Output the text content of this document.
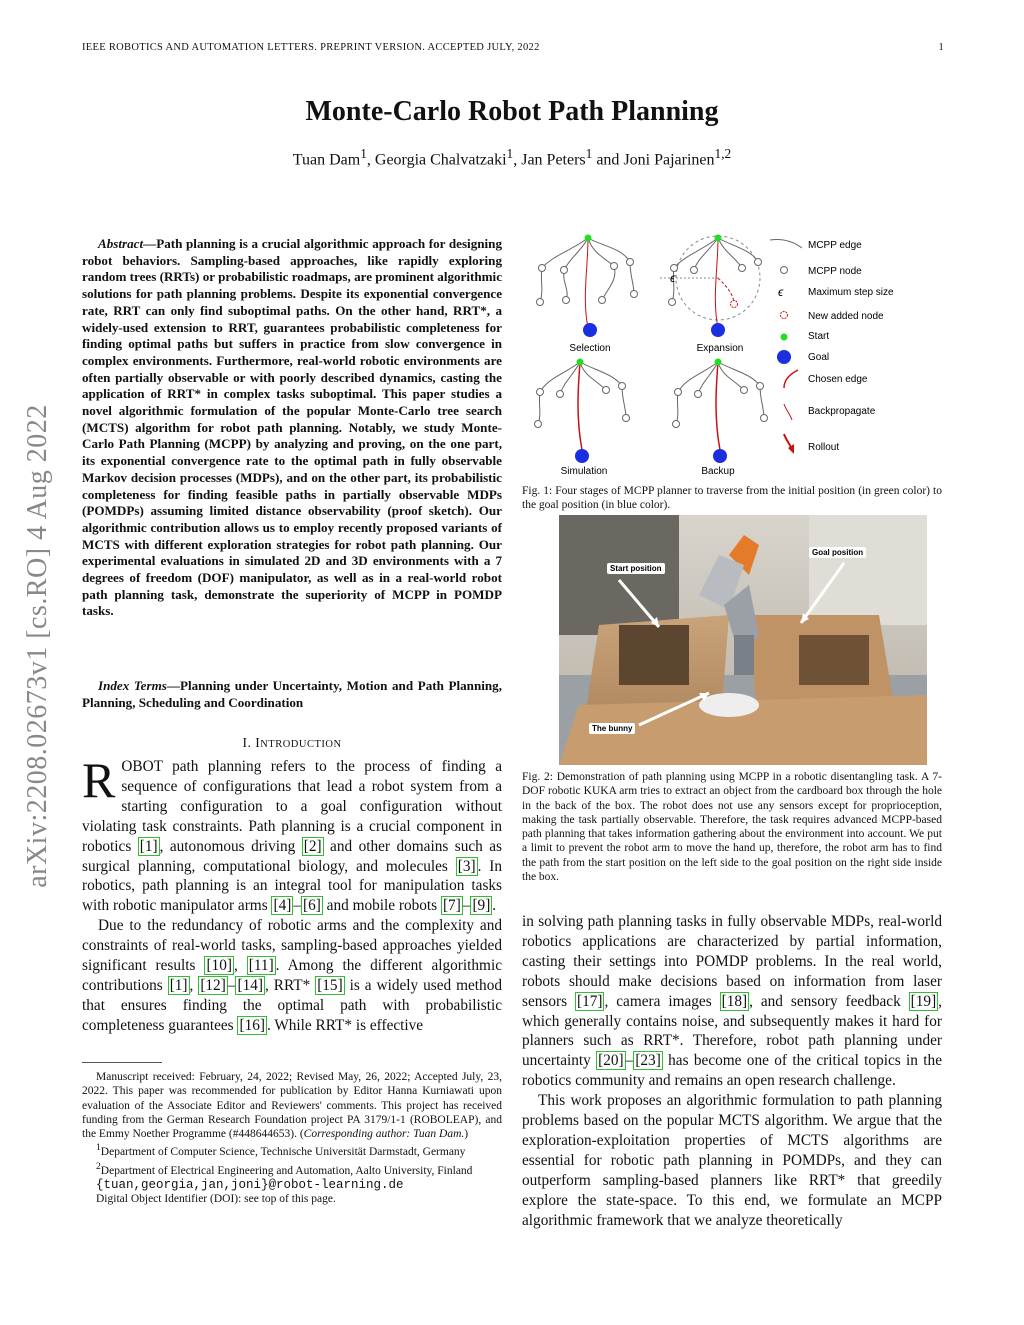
IEEE ROBOTICS AND AUTOMATION LETTERS. PREPRINT VERSION. ACCEPTED JULY, 2022	1
Monte-Carlo Robot Path Planning
Tuan Dam$^1$, Georgia Chalvatzaki$^1$, Jan Peters$^1$ and Joni Pajarinen$^{1,2}$
arXiv:2208.02673v1 [cs.RO] 4 Aug 2022
Abstract—Path planning is a crucial algorithmic approach for designing robot behaviors. Sampling-based approaches, like rapidly exploring random trees (RRTs) or probabilistic roadmaps, are prominent algorithmic solutions for path planning problems. Despite its exponential convergence rate, RRT can only find suboptimal paths. On the other hand, RRT*, a widely-used extension to RRT, guarantees probabilistic completeness for finding optimal paths but suffers in practice from slow convergence in complex environments. Furthermore, real-world robotic environments are often partially observable or with poorly described dynamics, casting the application of RRT* in complex tasks suboptimal. This paper studies a novel algorithmic formulation of the popular Monte-Carlo tree search (MCTS) algorithm for robot path planning. Notably, we study Monte-Carlo Path Planning (MCPP) by analyzing and proving, on the one part, its exponential convergence rate to the optimal path in fully observable Markov decision processes (MDPs), and on the other part, its probabilistic completeness for finding feasible paths in partially observable MDPs (POMDPs) assuming limited distance observability (proof sketch). Our algorithmic contribution allows us to employ recently proposed variants of MCTS with different exploration strategies for robot path planning. Our experimental evaluations in simulated 2D and 3D environments with a 7 degrees of freedom (DOF) manipulator, as well as in a real-world robot path planning task, demonstrate the superiority of MCPP in POMDP tasks.
Index Terms—Planning under Uncertainty, Motion and Path Planning, Planning, Scheduling and Coordination
I. INTRODUCTION

ROBOT path planning refers to the process of finding a sequence of configurations that lead a robot system from a starting configuration to a goal configuration without violating task constraints. Path planning is a crucial component in robotics [1] , autonomous driving [2] and other domains such as surgical planning, computational biology, and molecules [3] . In robotics, path planning is an integral tool for manipulation tasks with robotic manipulator arms [4] – [6] and mobile robots [7] – [9] .

Due to the redundancy of robotic arms and the complexity and constraints of real-world tasks, sampling-based approaches yielded significant results [10] , [11] . Among the different algorithmic contributions [1] , [12] – [14] , RRT* [15] is a widely used method that ensures finding the optimal path with probabilistic completeness guarantees [16] . While RRT* is effective

Manuscript received: February, 24, 2022; Revised May, 26, 2022; Accepted July, 23, 2022. This paper was recommended for publication by Editor Hanna Kurniawati upon evaluation of the Associate Editor and Reviewers' comments. This project has received funding from the German Research Foundation project PA 3179/1-1 (ROBOLEAP), and the Emmy Noether Programme (#448644653). (Corresponding author: Tuan Dam.)
$^1$Department of Computer Science, Technische Universität Darmstadt, Germany
$^2$Department of Electrical Engineering and Automation, Aalto University, Finland
{tuan,georgia,jan,joni}@robot-learning.de
Digital Object Identifier (DOI): see top of this page.
Selection
ϵ
Expansion
Simulation	Backup
MCPP edge
MCPP node
ϵ Maximum step size
New added node
Start
Goal
Chosen edge
Backpropagate
Rollout
Fig. 1: Four stages of MCPP planner to traverse from the initial position (in green color) to the goal position (in blue color).
Start position
Goal position
The bunny
Fig. 2: Demonstration of path planning using MCPP in a robotic disentangling task. A 7-DOF robotic KUKA arm tries to extract an object from the cardboard box through the hole in the back of the box. The robot does not use any sensors except for proprioception, making the task partially observable. Therefore, the task requires advanced MCPP-based path planning that takes information gathering about the environment into account. We put a limit to prevent the robot arm to move the hand up, therefore, the robot arm has to find the path from the start position on the left side to the goal position on the right side inside the box.

in solving path planning tasks in fully observable MDPs, real-world robotics applications are characterized by partial information, casting their settings into POMDP problems. In the real world, robots should make decisions based on information from laser sensors [17] , camera images [18] , and sensory feedback [19] , which generally contains noise, and subsequently makes it hard for planners such as RRT*. Therefore, robot path planning under uncertainty [20] – [23] has become one of the critical topics in the robotics community and remains an open research challenge.

This work proposes an algorithmic formulation to path planning problems based on the popular MCTS algorithm. We argue that the exploration-exploitation properties of MCTS algorithms are essential for robotic path planning in POMDPs, and they can outperform sampling-based planners like RRT* that greedily explore the state-space. To this end, we formulate an MCPP algorithmic framework that we analyze theoretically
